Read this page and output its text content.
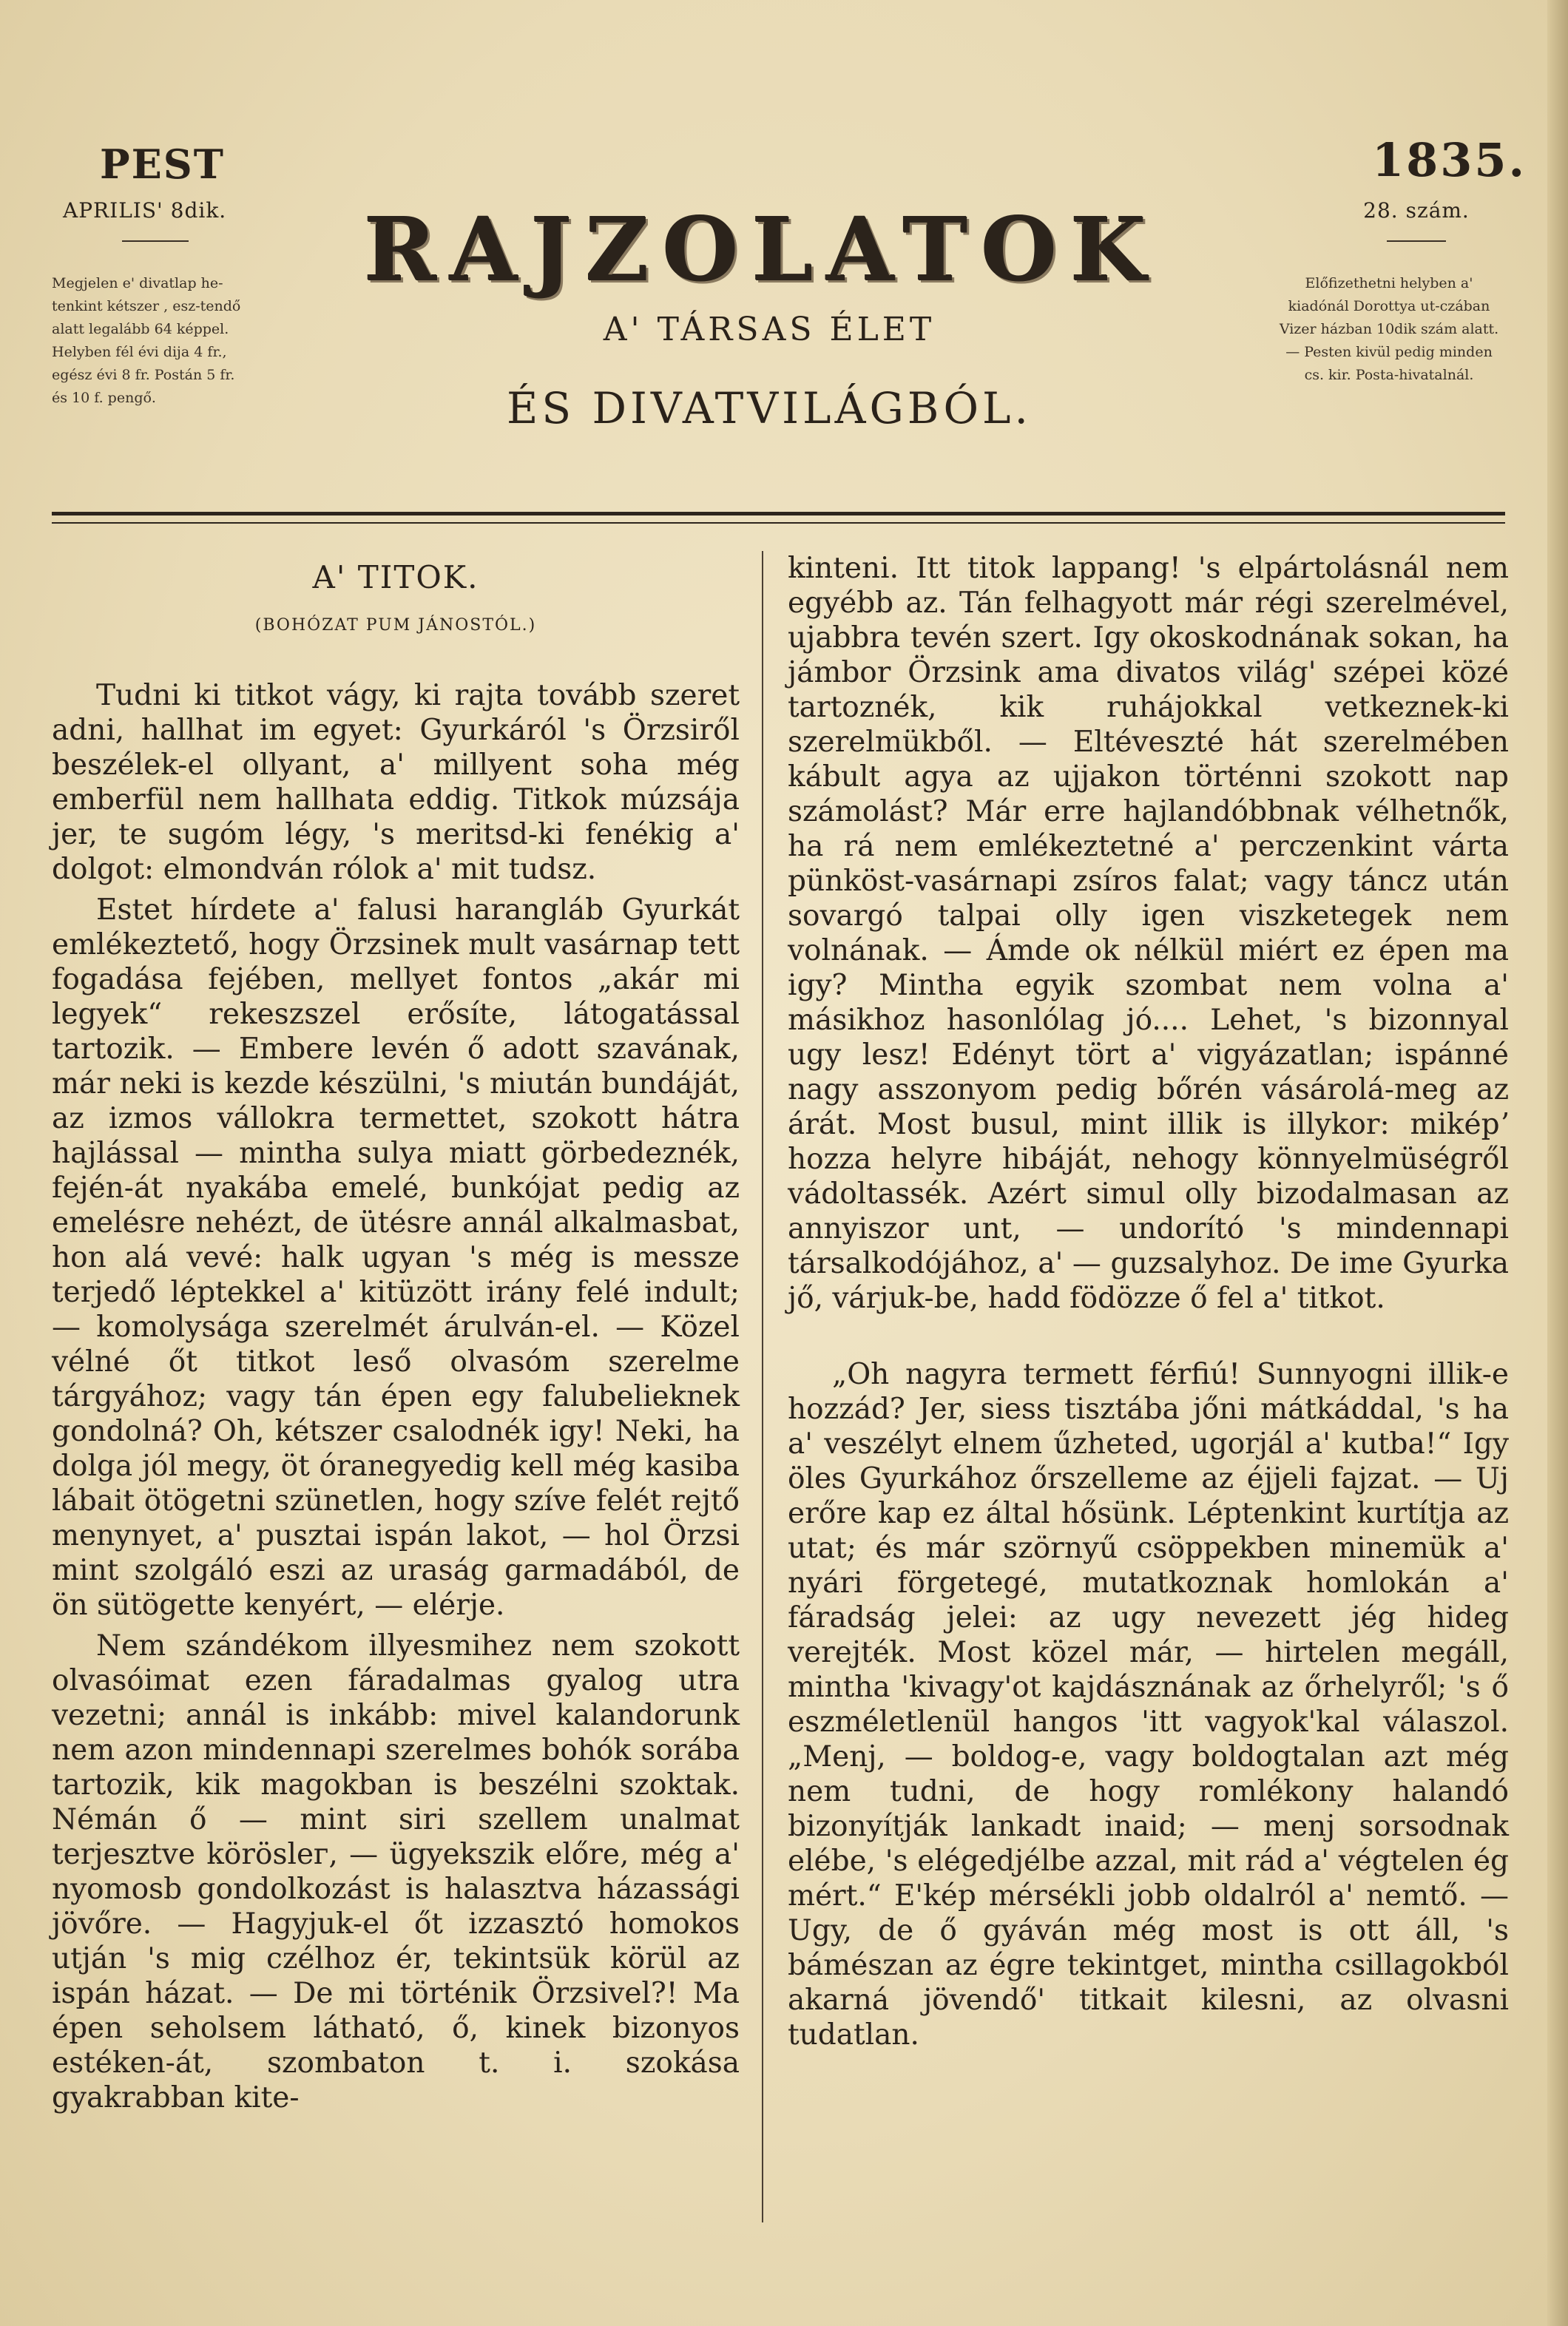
PEST
APRILIS' 8dik.
Megjelen e' divatlap he-tenkint kétszer , esz-tendő alatt legalább 64 képpel. Helyben fél évi dija 4 fr., egész évi 8 fr. Postán 5 fr. és 10 f. pengő.
RAJZOLATOK
A' TÁRSAS ÉLET
ÉS DIVATVILÁGBÓL.
1835.
28. szám.
Előfizethetni helyben a' kiadónál Dorottya ut-czában Vizer házban 10dik szám alatt. — Pesten kivül pedig minden cs. kir. Posta-hivatalnál.
A' TITOK.
(BOHÓZAT PUM JÁNOSTÓL.)

Tudni ki titkot vágy, ki rajta tovább szeret adni, hallhat im egyet: Gyurkáról 's Örzsiről beszélek-el ollyant, a' millyent soha még emberfül nem hallhata eddig. Titkok múzsája jer, te sugóm légy, 's meritsd-ki fenékig a' dolgot: elmondván rólok a' mit tudsz.

Estet hírdete a' falusi harangláb Gyurkát emlékeztető, hogy Örzsinek mult vasárnap tett fogadása fejében, mellyet fontos „akár mi legyek“ rekeszszel erősíte, látogatással tartozik. — Embere levén ő adott szavának, már neki is kezde készülni, 's miután bundáját, az izmos vállokra termettet, szokott hátra hajlással — mintha sulya miatt görbedeznék, fején-át nyakába emelé, bunkójat pedig az emelésre nehézt, de ütésre annál alkalmasbat, hon alá vevé: halk ugyan 's még is messze terjedő léptekkel a' kitüzött irány felé indult; — komolysága szerelmét árulván-el. — Közel vélné őt titkot leső olvasóm szerelme tárgyához; vagy tán épen egy falubelieknek gondolná? Oh, kétszer csalodnék igy! Neki, ha dolga jól megy, öt óranegyedig kell még kasiba lábait ötögetni szünetlen, hogy szíve felét rejtő menynyet, a' pusztai ispán lakot, — hol Örzsi mint szolgáló eszi az uraság garmadából, de ön sütögette kenyért, — elérje.

Nem szándékom illyesmihez nem szokott olvasóimat ezen fáradalmas gyalog utra vezetni; annál is inkább: mivel kalandorunk nem azon mindennapi szerelmes bohók sorába tartozik, kik magokban is beszélni szoktak. Némán ő — mint siri szellem unalmat terjesztve köröslег, — ügyekszik előre, még a' nyomosb gondolkozást is halasztva házassági jövőre. — Hagyjuk-el őt izzasztó homokos utján 's mig czélhoz ér, tekintsük körül az ispán házat. — De mi történik Örzsivel?! Ma épen seholsem látható, ő, kinek bizonyos estéken-át, szombaton t. i. szokása gyakrabban kite-

kinteni. Itt titok lappang! 's elpártolásnál nem egyébb az. Tán felhagyott már régi szerelmével, ujabbra tevén szert. Igy okoskodnának sokan, ha jámbor Örzsink ama divatos világ' szépei közé tartoznék, kik ruhájokkal vetkeznek-ki szerelmükből. — Eltéveszté hát szerelmében kábult agya az ujjakon történni szokott nap számolást? Már erre hajlandóbbnak vélhetnők, ha rá nem emlékeztetné a' perczenkint várta pünköst-vasárnapi zsíros falat; vagy táncz után sovargó talpai olly igen viszketegek nem volnának. — Ámde ok nélkül miért ez épen ma igy? Mintha egyik szombat nem volna a' másikhoz hasonlólag jó.... Lehet, 's bizonnyal ugy lesz! Edényt tört a' vigyázatlan; ispánné nagy asszonyom pedig bőrén vásárolá-meg az árát. Most busul, mint illik is illykor: miképʼ hozza helyre hibáját, nehogy könnyelmüségről vádoltassék. Azért simul olly bizodalmasan az annyiszor unt, — undorító 's mindennapi társalkodójához, a' — guzsalyhoz. De ime Gyurka jő, várjuk-be, hadd födözze ő fel a' titkot.

„Oh nagyra termett férfiú! Sunnyogni illik-e hozzád? Jer, siess tisztába jőni mátkáddal, 's ha a' veszélyt elnem űzheted, ugorjál a' kutba!“ Igy öles Gyurkához őrszelleme az éjjeli fajzat. — Uj erőre kap ez által hősünk. Léptenkint kurtítja az utat; és már szörnyű csöppekben minemük a' nyári förgetegé, mutatkoznak homlokán a' fáradság jelei: az ugy nevezett jég hideg verejték. Most közel már, — hirtelen megáll, mintha 'kivagy'ot kajdásznának az őrhelyről; 's ő eszméletlenül hangos 'itt vagyok'kal válaszol. „Menj, — boldog-e, vagy boldogtalan azt még nem tudni, de hogy romlékony halandó bizonyítják lankadt inaid; — menj sorsodnak elébe, 's elégedjélbe azzal, mit rád a' végtelen ég mért.“ E'kép mérsékli jobb oldalról a' nemtő. — Ugy, de ő gyáván még most is ott áll, 's bámészan az égre tekintget, mintha csillagokból akarná jövendő' titkait kilesni, az olvasni tudatlan.
